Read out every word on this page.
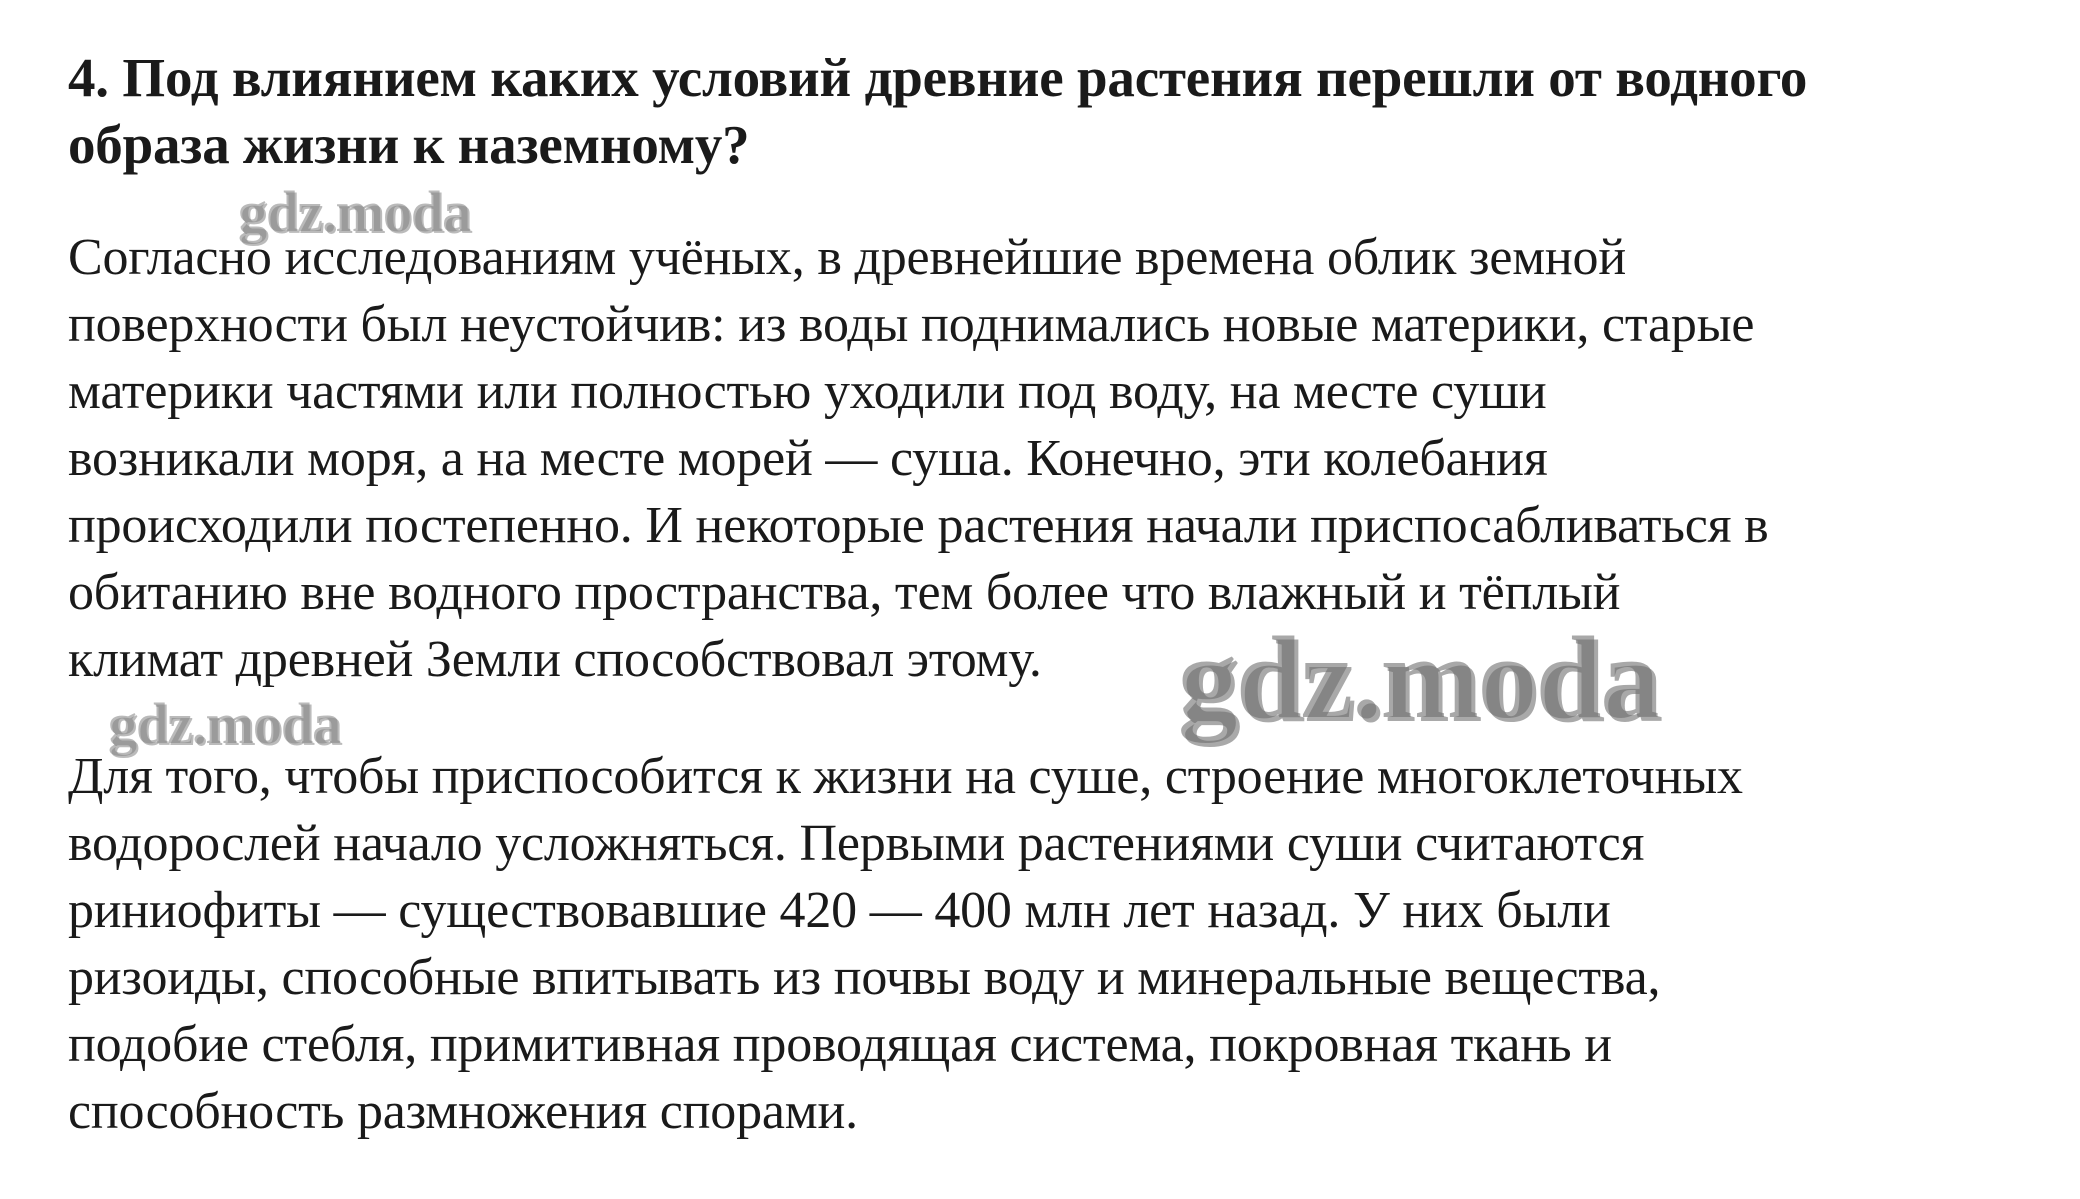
4. Под влиянием каких условий древние растения перешли от водного
образа жизни к наземному?

Согласно исследованиям учёных, в древнейшие времена облик земной
поверхности был неустойчив: из воды поднимались новые материки, старые
материки частями или полностью уходили под воду, на месте суши
возникали моря, а на месте морей — суша. Конечно, эти колебания
происходили постепенно. И некоторые растения начали приспосабливаться в
обитанию вне водного пространства, тем более что влажный и тёплый
климат древней Земли способствовал этому.

Для того, чтобы приспособится к жизни на суше, строение многоклеточных
водорослей начало усложняться. Первыми растениями суши считаются
риниофиты — существовавшие 420 — 400 млн лет назад. У них были
ризоиды, способные впитывать из почвы воду и минеральные вещества,
подобие стебля, примитивная проводящая система, покровная ткань и
способность размножения спорами.

gdz.moda
gdz.moda	gdz.moda
